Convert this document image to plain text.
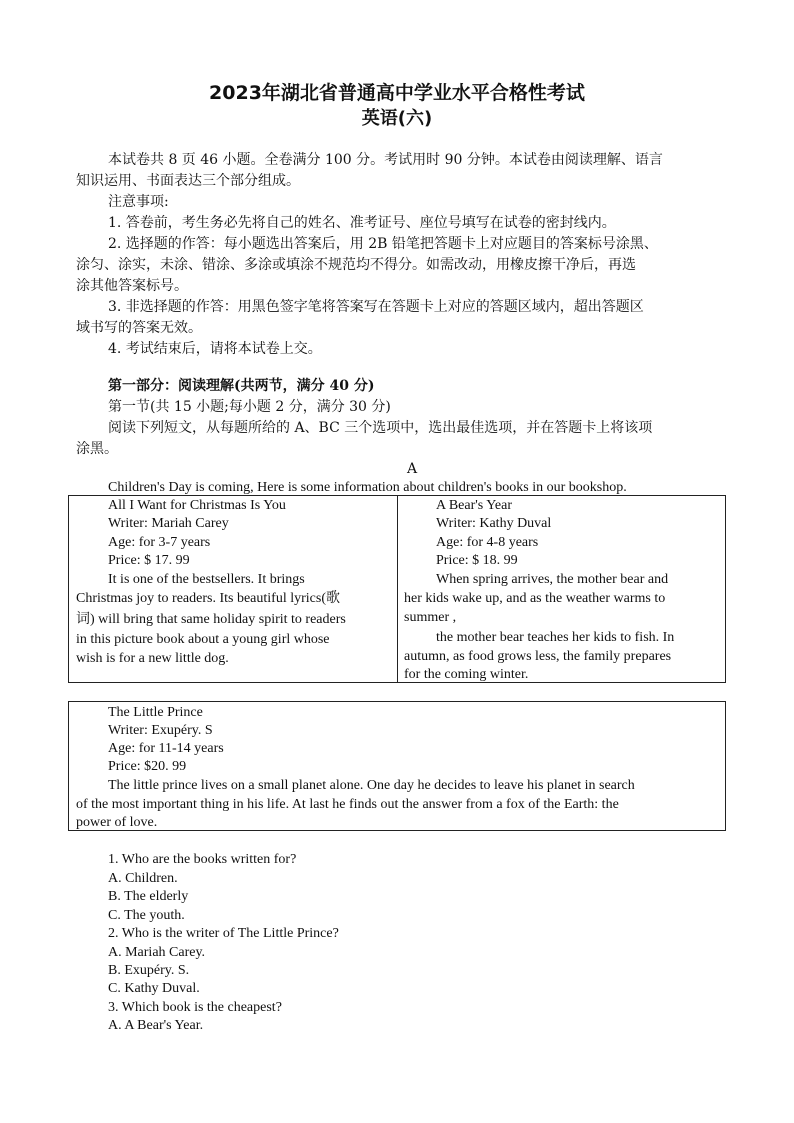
2023年湖北省普通高中学业水平合格性考试
英语(六)
本试卷共 8 页 46 小题。全卷满分 100 分。考试用时 90 分钟。本试卷由阅读理解、语言
知识运用、书面表达三个部分组成。
注意事项:
1. 答卷前，考生务必先将自己的姓名、准考证号、座位号填写在试卷的密封线内。
2. 选择题的作答：每小题选出答案后，用 2B 铅笔把答题卡上对应题目的答案标号涂黑、
涂匀、涂实，未涂、错涂、多涂或填涂不规范均不得分。如需改动，用橡皮擦干净后，再选
涂其他答案标号。
3. 非选择题的作答：用黑色签字笔将答案写在答题卡上对应的答题区域内，超出答题区
域书写的答案无效。
4. 考试结束后，请将本试卷上交。
第一部分：阅读理解(共两节，满分 40 分)
第一节(共 15 小题;每小题 2 分，满分 30 分)
阅读下列短文，从每题所给的 A、BC 三个选项中，选出最佳选项，并在答题卡上将该项
涂黑。
A
Children's Day is coming, Here is some information about children's books in our bookshop.
All I Want for Christmas Is You
Writer: Mariah Carey
Age: for 3-7 years
Price: $ 17. 99
It is one of the bestsellers. It brings
Christmas joy to readers. Its beautiful lyrics(歌
词) will bring that same holiday spirit to readers
in this picture book about a young girl whose
wish is for a new little dog.
A Bear's Year
Writer: Kathy Duval
Age: for 4-8 years
Price: $ 18. 99
When spring arrives, the mother bear and
her kids wake up, and as the weather warms to
summer ,
the mother bear teaches her kids to fish. In
autumn, as food grows less, the family prepares
for the coming winter.
The Little Prince
Writer: Exupéry. S
Age: for 11-14 years
Price: $20. 99
The little prince lives on a small planet alone. One day he decides to leave his planet in search
of the most important thing in his life. At last he finds out the answer from a fox of the Earth: the
power of love.
1. Who are the books written for?
A. Children.
B. The elderly
C. The youth.
2. Who is the writer of The Little Prince?
A. Mariah Carey.
B. Exupéry. S.
C. Kathy Duval.
3. Which book is the cheapest?
A. A Bear's Year.
